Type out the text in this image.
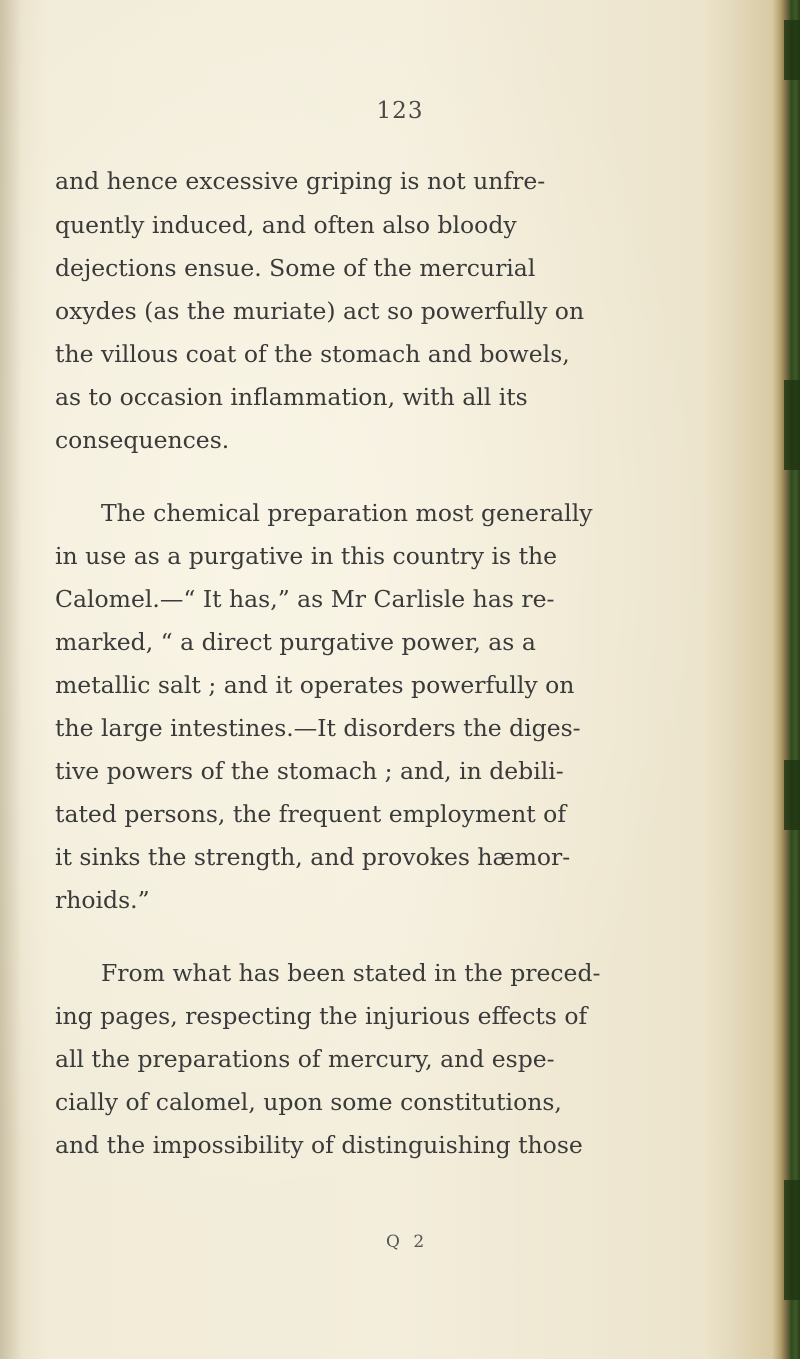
123
and hence excessive griping is not unfre-
quently induced, and often also bloody
dejections ensue. Some of the mercurial
oxydes (as the muriate) act so powerfully on
the villous coat of the stomach and bowels,
as to occasion inflammation, with all its
consequences.
The chemical preparation most generally
in use as a purgative in this country is the
Calomel.—“ It has,” as Mr Carlisle has re-
marked, “ a direct purgative power, as a
metallic salt ; and it operates powerfully on
the large intestines.—It disorders the diges-
tive powers of the stomach ; and, in debili-
tated persons, the frequent employment of
it sinks the strength, and provokes hæmor-
rhoids.”
From what has been stated in the preced-
ing pages, respecting the injurious effects of
all the preparations of mercury, and espe-
cially of calomel, upon some constitutions,
and the impossibility of distinguishing those
Q 2
